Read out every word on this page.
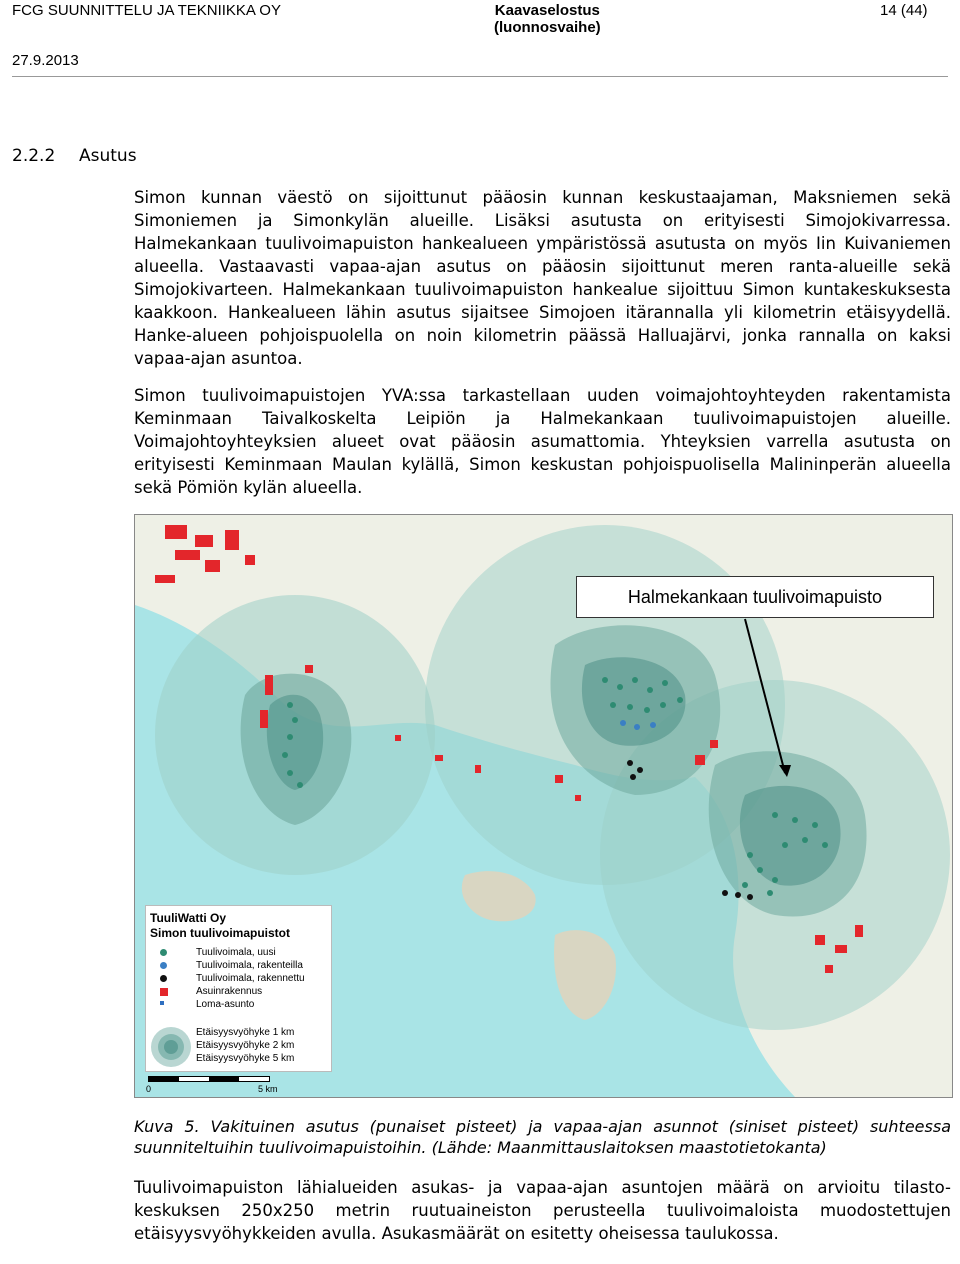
FCG SUUNNITTELU JA TEKNIIKKA OY	Kaavaselostus
(luonnosvaihe)
14 (44)
27.9.2013
2.2.2 Asutus
Simon kunnan väestö on sijoittunut pääosin kunnan keskustaajaman, Maksniemen sekä Simoniemen ja Simonkylän alueille. Lisäksi asutusta on erityisesti Simojokivarressa. Halmekankaan tuulivoimapuiston hankealueen ympäristössä asutusta on myös Iin Kuivaniemen alueella. Vastaavasti vapaa-ajan asutus on pääosin sijoittunut meren ranta-alueille sekä Simojokivarteen. Halmekankaan tuulivoimapuiston hankealue sijoittuu Simon kuntakeskuksesta kaakkoon. Hankealueen lähin asutus sijaitsee Simojoen itärannalla yli kilometrin etäisyydellä. Hanke-alueen pohjoispuolella on noin kilometrin päässä Halluajärvi, jonka rannalla on kaksi vapaa-ajan asuntoa.
Simon tuulivoimapuistojen YVA:ssa tarkastellaan uuden voimajohtoyhteyden rakentamista Keminmaan Taivalkoskelta Leipiön ja Halmekankaan tuulivoimapuistojen alueille. Voimajohtoyhteyksien alueet ovat pääosin asumattomia. Yhteyksien varrella asutusta on erityisesti Keminmaan Maulan kylällä, Simon keskustan pohjoispuolisella Malininperän alueella sekä Pömiön kylän alueella.
Halmekankaan tuulivoimapuisto
TuuliWatti Oy
Simon tuulivoimapuistot
Tuulivoimala, uusi
Tuulivoimala, rakenteilla
Tuulivoimala, rakennettu
Asuinrakennus
Loma-asunto
Etäisyysvyöhyke 1 km
Etäisyysvyöhyke 2 km
Etäisyysvyöhyke 5 km
0	5 km
Kuva 5. Vakituinen asutus (punaiset pisteet) ja vapaa-ajan asunnot (siniset pisteet) suhteessa suunniteltuihin tuulivoimapuistoihin. (Lähde: Maanmittauslaitoksen maastotietokanta)
Tuulivoimapuiston lähialueiden asukas- ja vapaa-ajan asuntojen määrä on arvioitu tilasto-keskuksen 250x250 metrin ruutuaineiston perusteella tuulivoimaloista muodostettujen etäisyysvyöhykkeiden avulla. Asukasmäärät on esitetty oheisessa taulukossa.
